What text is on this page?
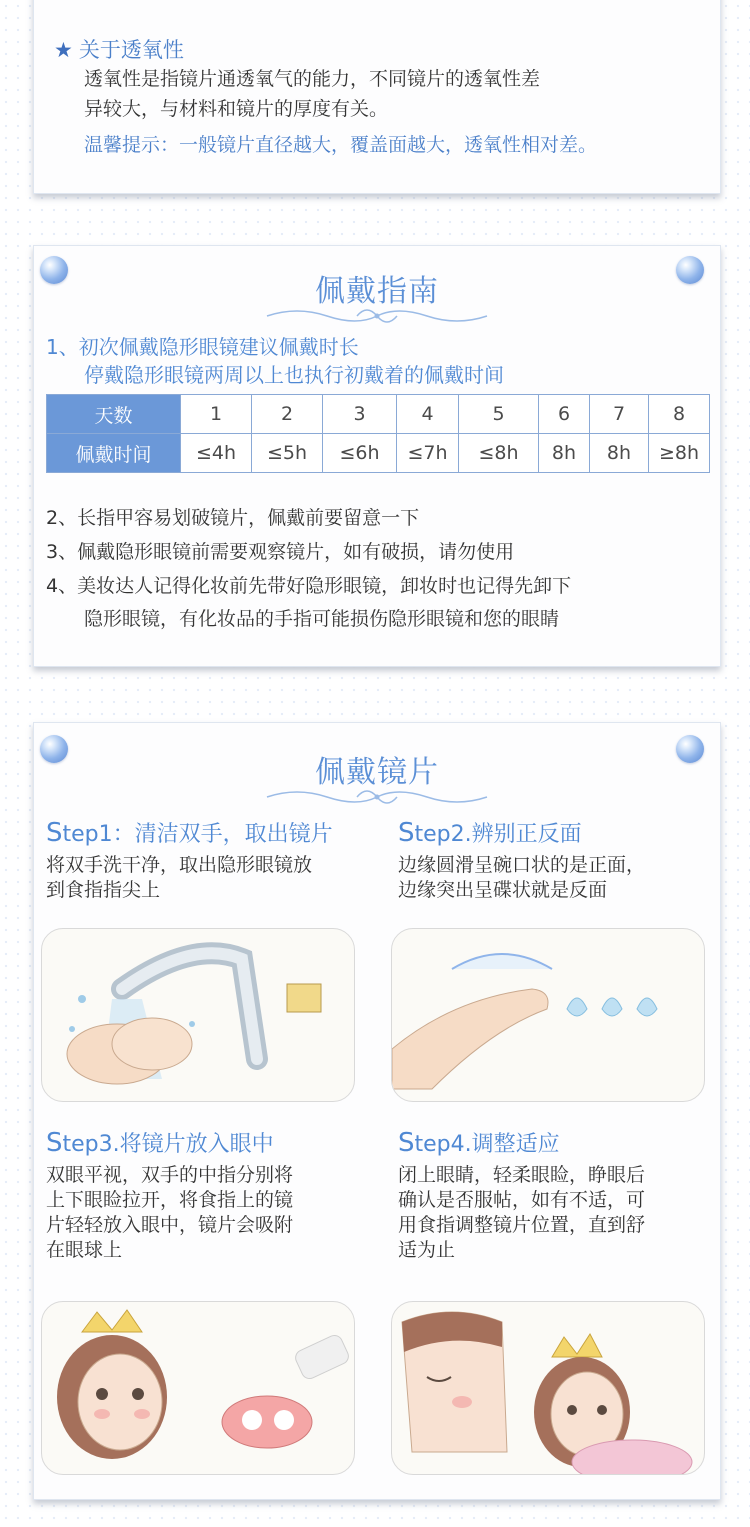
★ 关于透氧性
透氧性是指镜片通透氧气的能力，不同镜片的透氧性差
异较大，与材料和镜片的厚度有关。
温馨提示：一般镜片直径越大，覆盖面越大，透氧性相对差。
佩戴指南
1、初次佩戴隐形眼镜建议佩戴时长
停戴隐形眼镜两周以上也执行初戴着的佩戴时间
天数	1	2	3	4	5	6	7	8
佩戴时间	≤4h	≤5h	≤6h	≤7h	≤8h	8h	8h	≥8h
2、长指甲容易划破镜片，佩戴前要留意一下
3、佩戴隐形眼镜前需要观察镜片，如有破损，请勿使用
4、美妆达人记得化妆前先带好隐形眼镜，卸妆时也记得先卸下
隐形眼镜，有化妆品的手指可能损伤隐形眼镜和您的眼睛
佩戴镜片
Step1：清洁双手，取出镜片
将双手洗干净，取出隐形眼镜放
到食指指尖上
Step2.辨别正反面
边缘圆滑呈碗口状的是正面，
边缘突出呈碟状就是反面
Step3.将镜片放入眼中
双眼平视，双手的中指分别将
上下眼睑拉开，将食指上的镜
片轻轻放入眼中，镜片会吸附
在眼球上
Step4.调整适应
闭上眼睛，轻柔眼睑，睁眼后
确认是否服帖，如有不适，可
用食指调整镜片位置，直到舒
适为止
